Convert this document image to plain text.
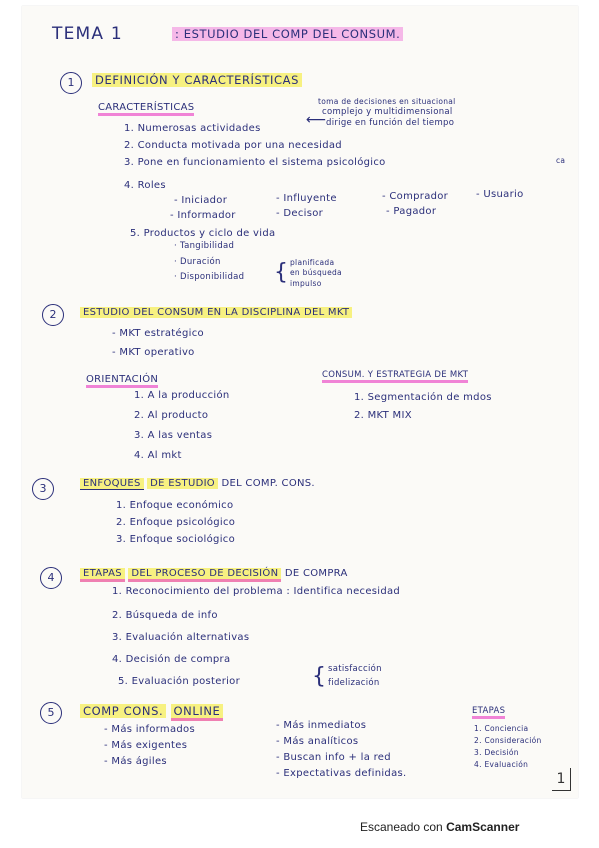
TEMA 1	: ESTUDIO DEL COMP DEL CONSUM.
1	DEFINICIÓN Y CARACTERÍSTICAS
CARACTERÍSTICAS
1. Numerosas actividades
toma de decisiones en situacional
complejo y multidimensional
⟵ dirige en función del tiempo
2. Conducta motivada por una necesidad
3. Pone en funcionamiento el sistema psicológico	ca
4. Roles
- Iniciador	- Influyente	- Comprador	- Usuario
- Informador	- Decisor	- Pagador
5. Productos y ciclo de vida
· Tangibilidad
· Duración
· Disponibilidad { planificada
en búsqueda
impulso
2	ESTUDIO DEL CONSUM EN LA DISCIPLINA DEL MKT
- MKT estratégico
- MKT operativo
ORIENTACIÓN
1. A la producción
2. Al producto
3. A las ventas
4. Al mkt
CONSUM. Y ESTRATEGIA DE MKT
1. Segmentación de mdos
2. MKT MIX
3	ENFOQUES DE ESTUDIO DEL COMP. CONS.
1. Enfoque económico
2. Enfoque psicológico
3. Enfoque sociológico
4	ETAPAS DEL PROCESO DE DECISIÓN DE COMPRA
1. Reconocimiento del problema : Identifica necesidad
2. Búsqueda de info
3. Evaluación alternativas
4. Decisión de compra
5. Evaluación posterior	{ satisfacción
fidelización
5	COMP CONS. ONLINE
- Más informados
- Más exigentes
- Más ágiles
- Más inmediatos
- Más analíticos
- Buscan info + la red
- Expectativas definidas.
ETAPAS
1. Conciencia
2. Consideración
3. Decisión
4. Evaluación
1
Escaneado con CamScanner
